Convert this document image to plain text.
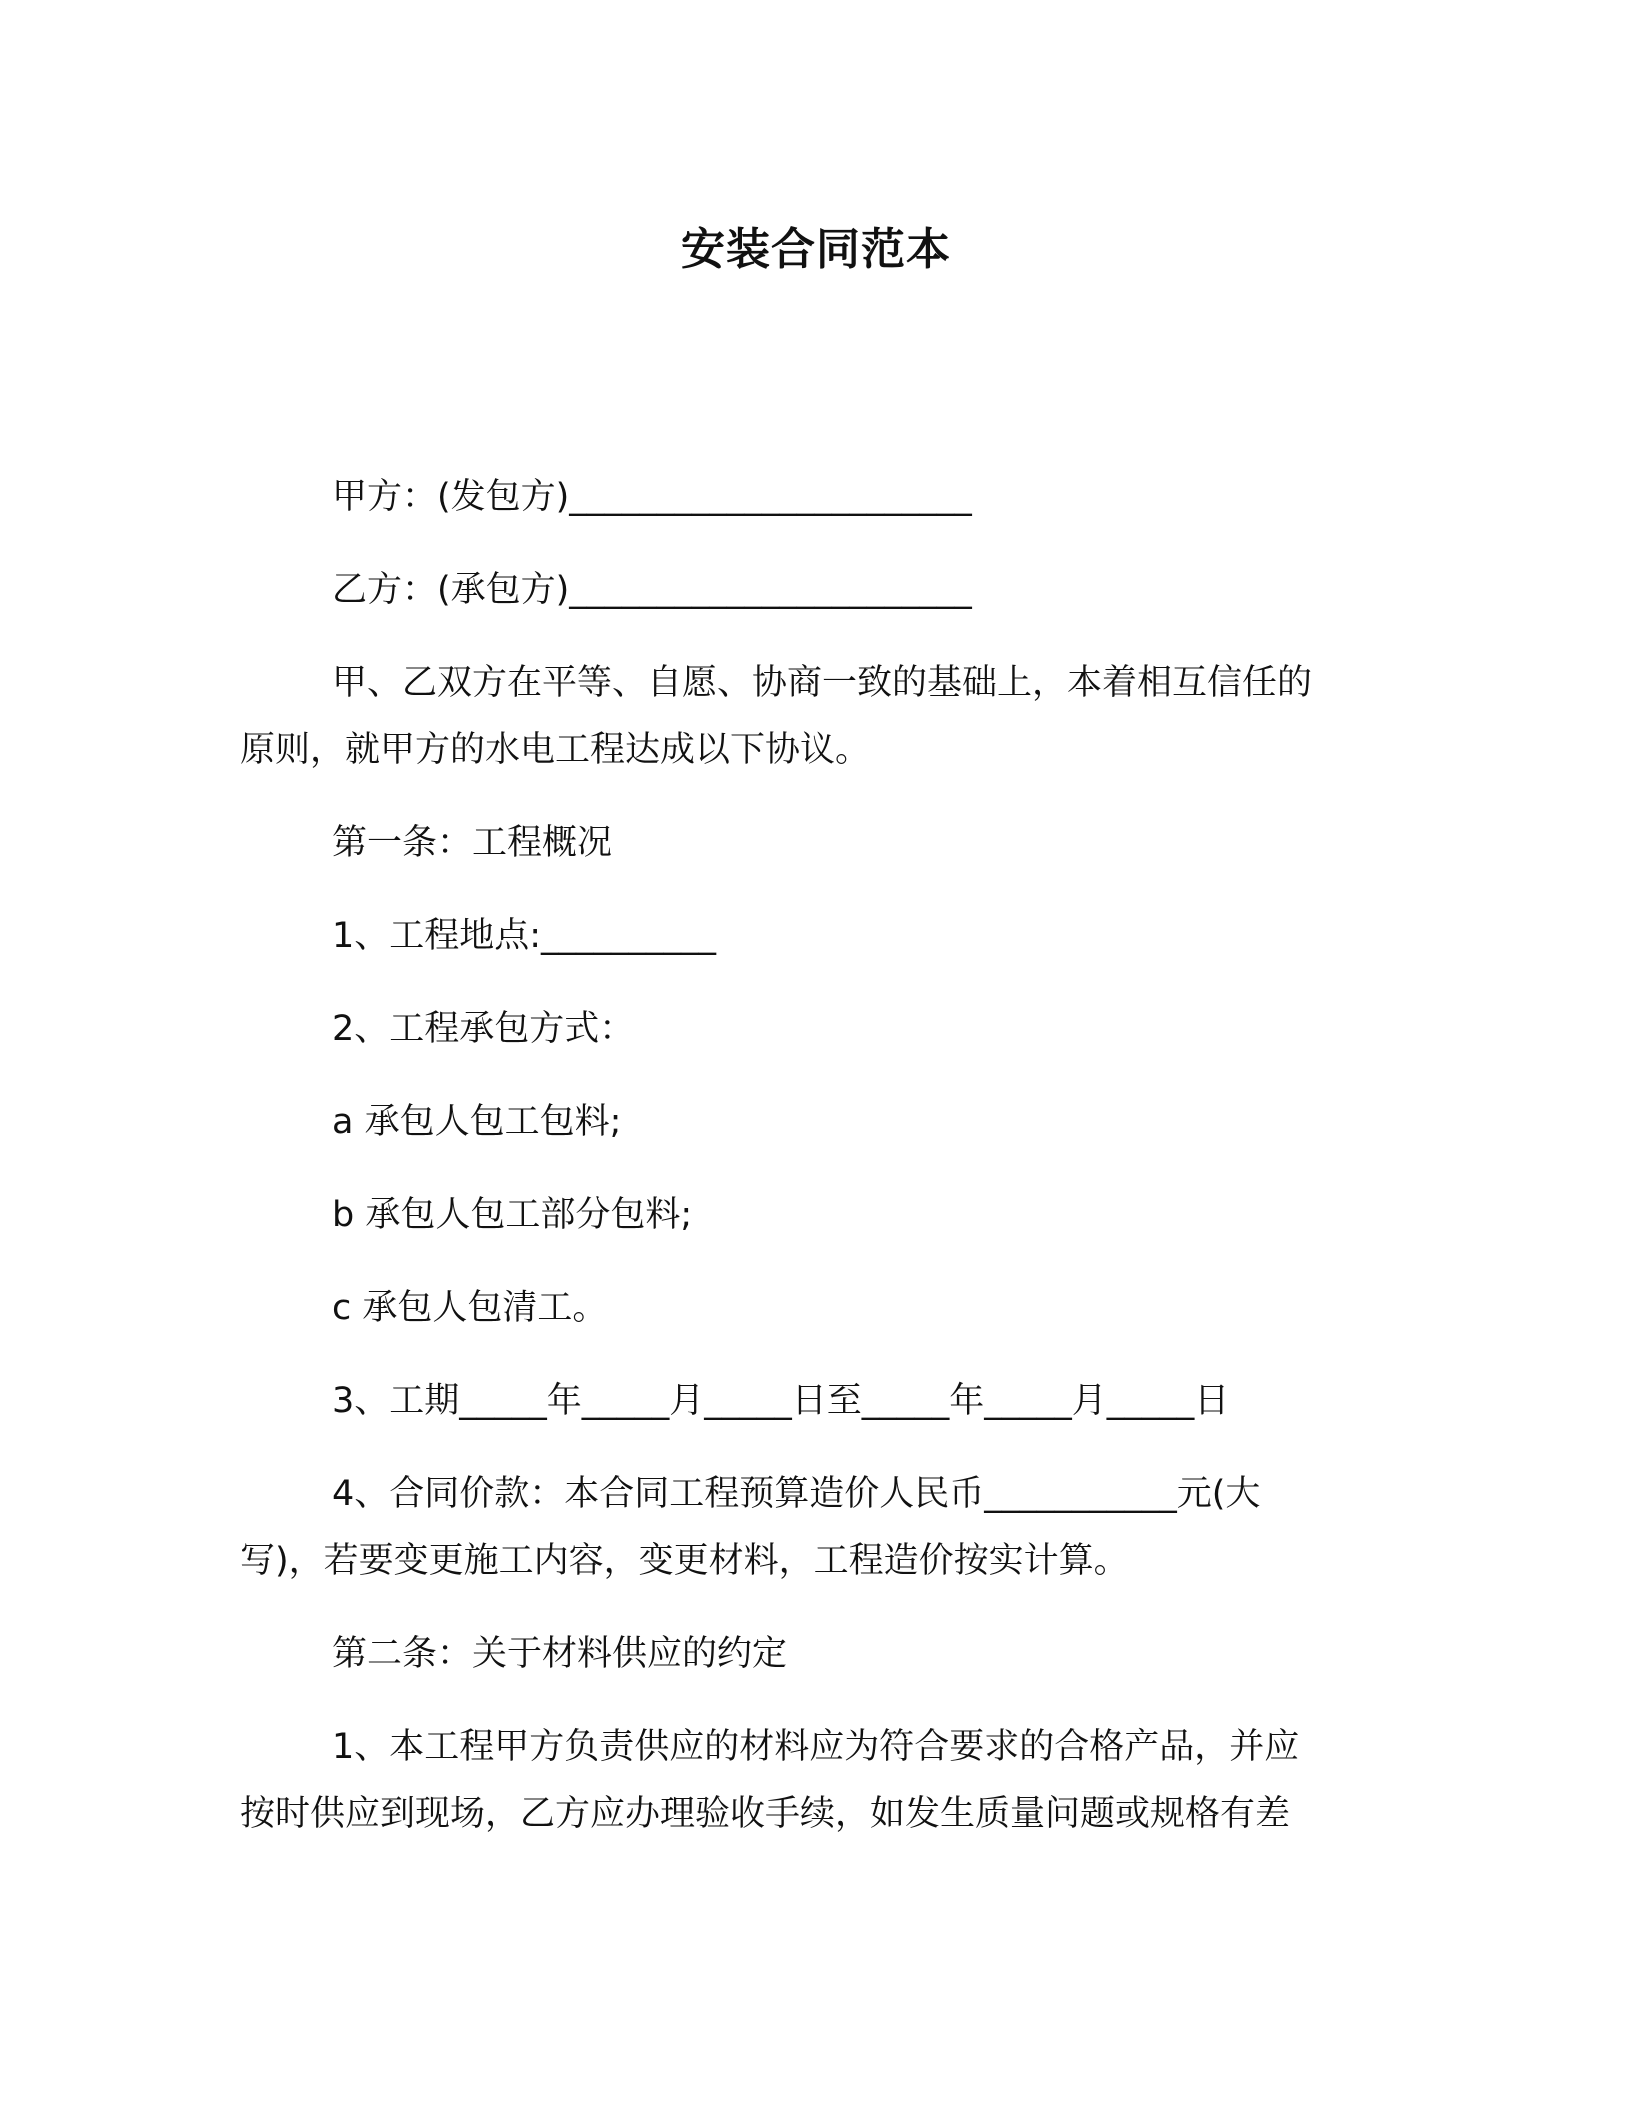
安装合同范本
甲方：(发包方)_______________________
乙方：(承包方)_______________________
甲、乙双方在平等、自愿、协商一致的基础上，本着相互信任的
原则，就甲方的水电工程达成以下协议。
第一条：工程概况
1、工程地点:__________
2、工程承包方式：
a 承包人包工包料;
b 承包人包工部分包料;
c 承包人包清工。
3、工期_____年_____月_____日至_____年_____月_____日
4、合同价款：本合同工程预算造价人民币___________元(大
写)，若要变更施工内容，变更材料，工程造价按实计算。
第二条：关于材料供应的约定
1、本工程甲方负责供应的材料应为符合要求的合格产品，并应
按时供应到现场，乙方应办理验收手续，如发生质量问题或规格有差
